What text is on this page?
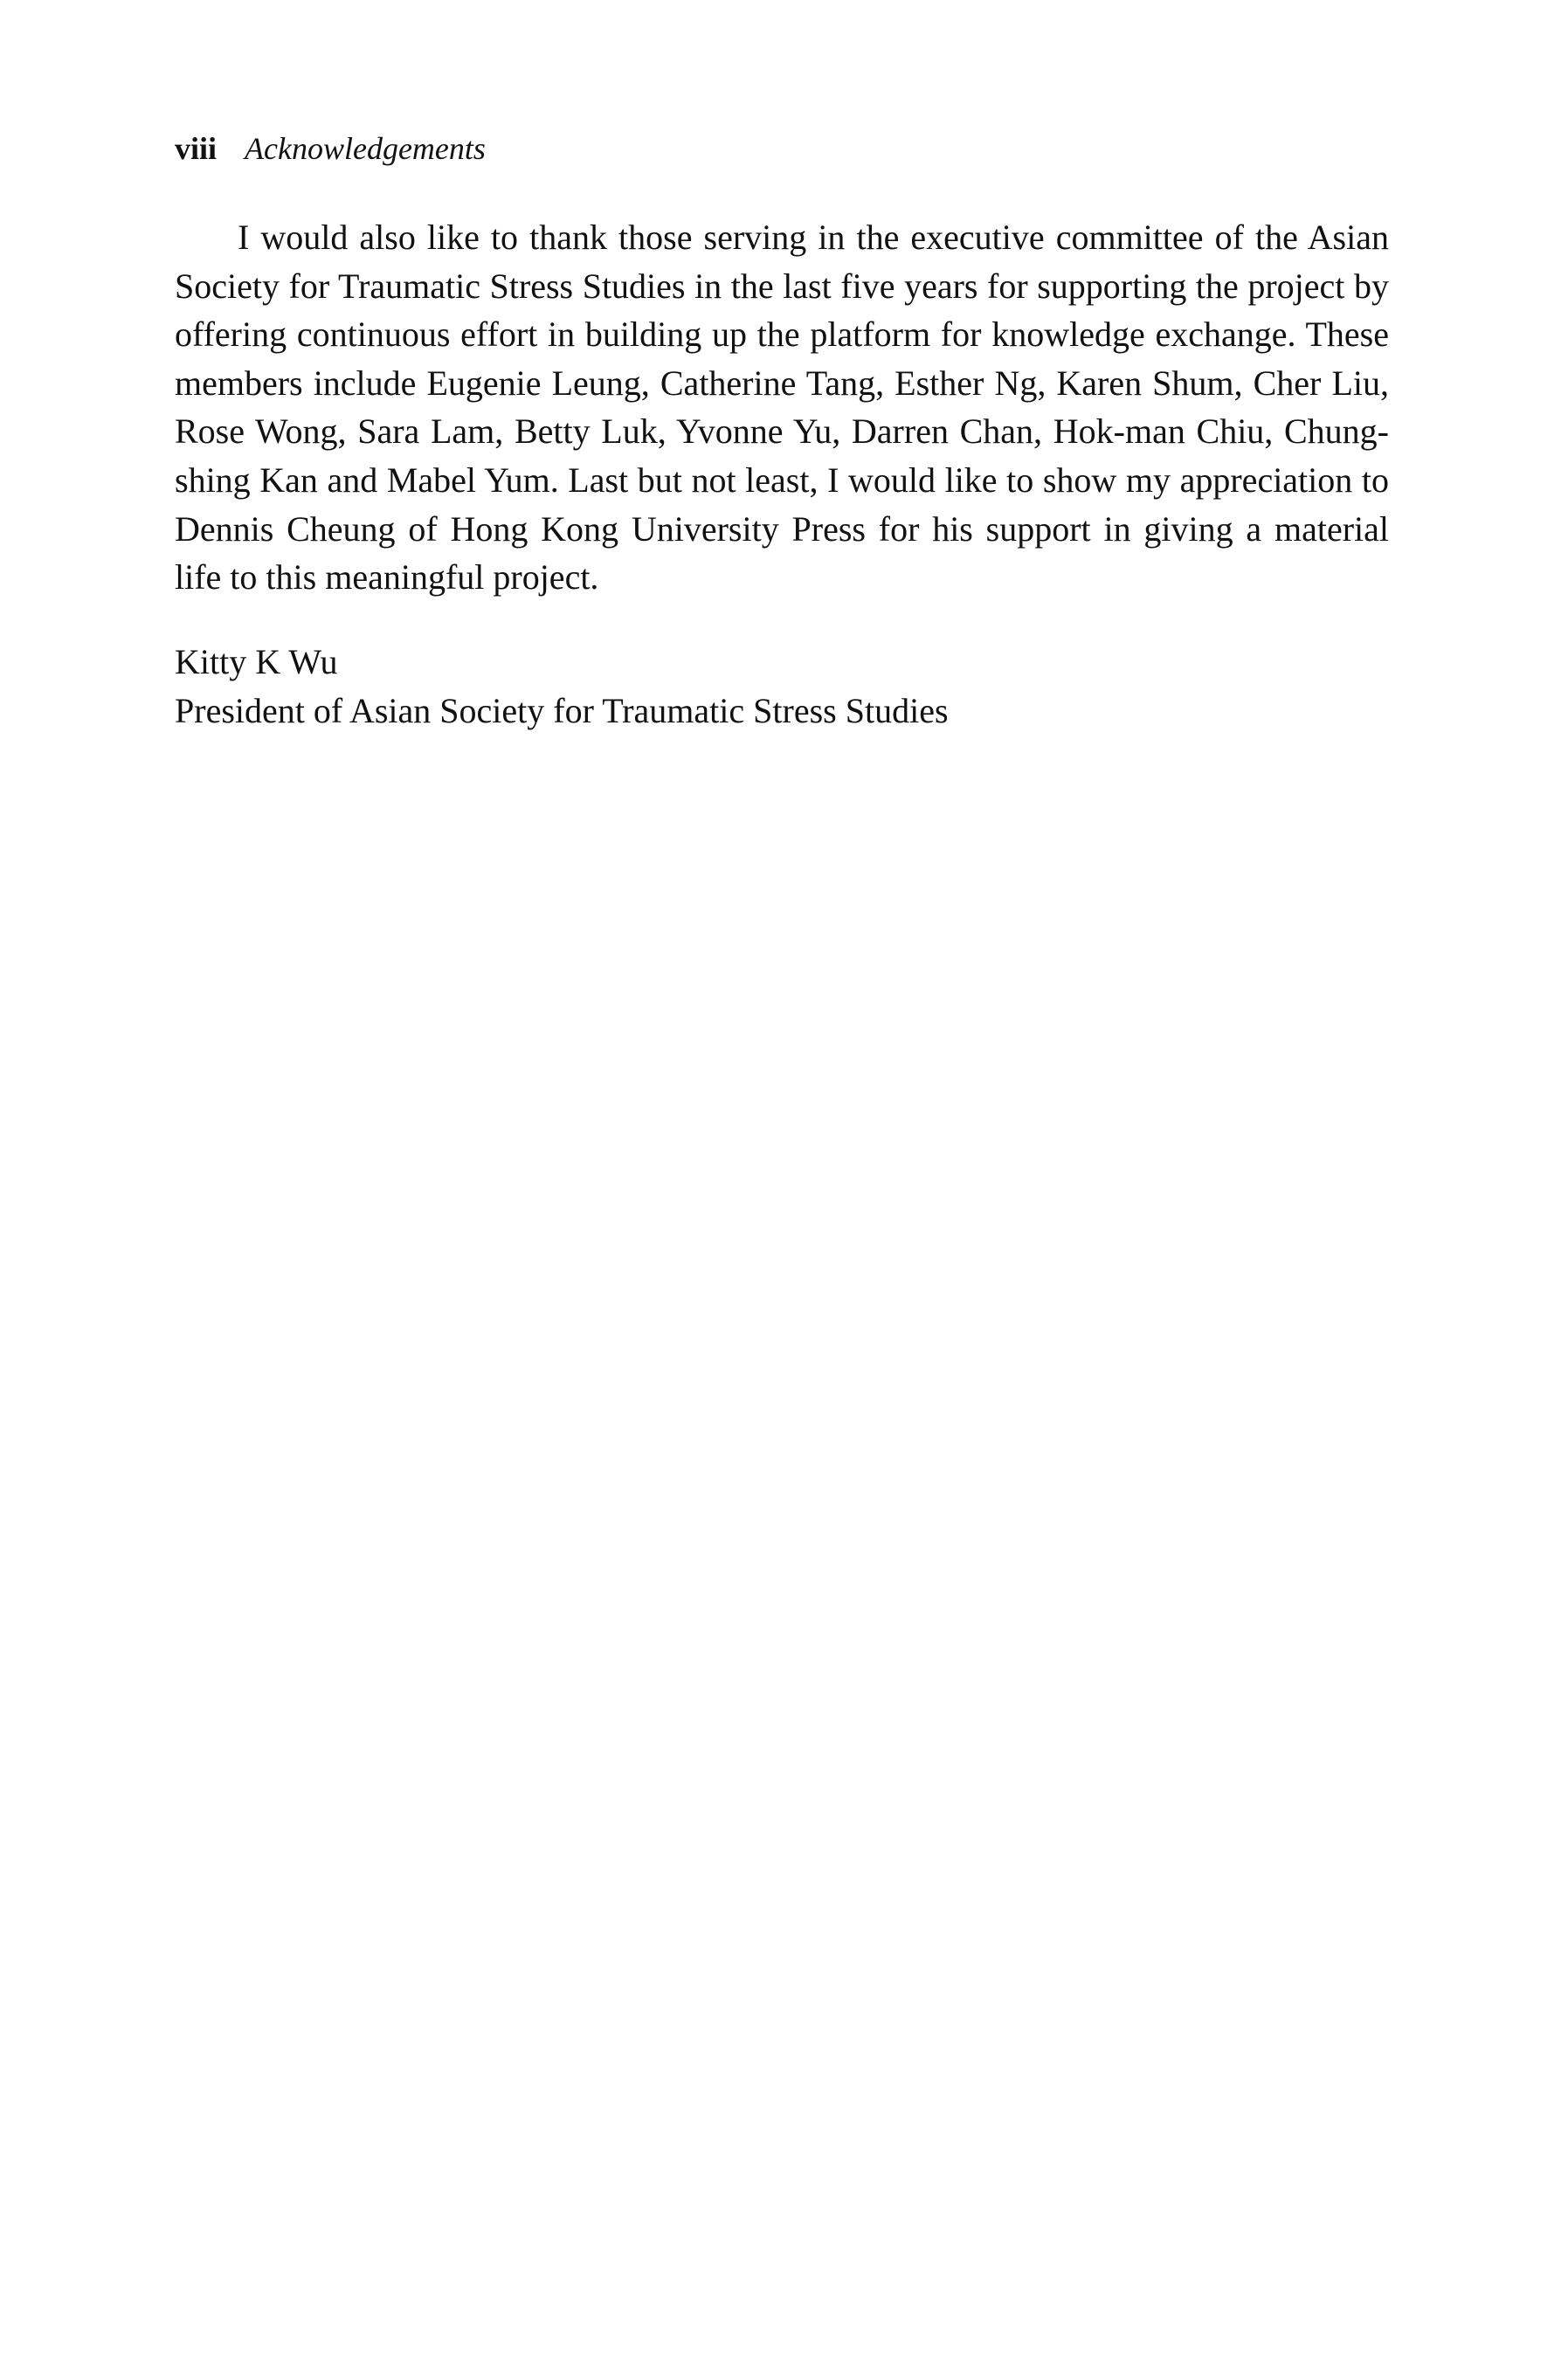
viii Acknowledgements

I would also like to thank those serving in the executive committee of the Asian Society for Traumatic Stress Studies in the last five years for supporting the project by offering continuous effort in building up the platform for knowledge exchange. These members include Eugenie Leung, Catherine Tang, Esther Ng, Karen Shum, Cher Liu, Rose Wong, Sara Lam, Betty Luk, Yvonne Yu, Darren Chan, Hok-man Chiu, Chung-shing Kan and Mabel Yum. Last but not least, I would like to show my appreciation to Dennis Cheung of Hong Kong University Press for his support in giving a material life to this meaningful project.

Kitty K Wu
President of Asian Society for Traumatic Stress Studies
